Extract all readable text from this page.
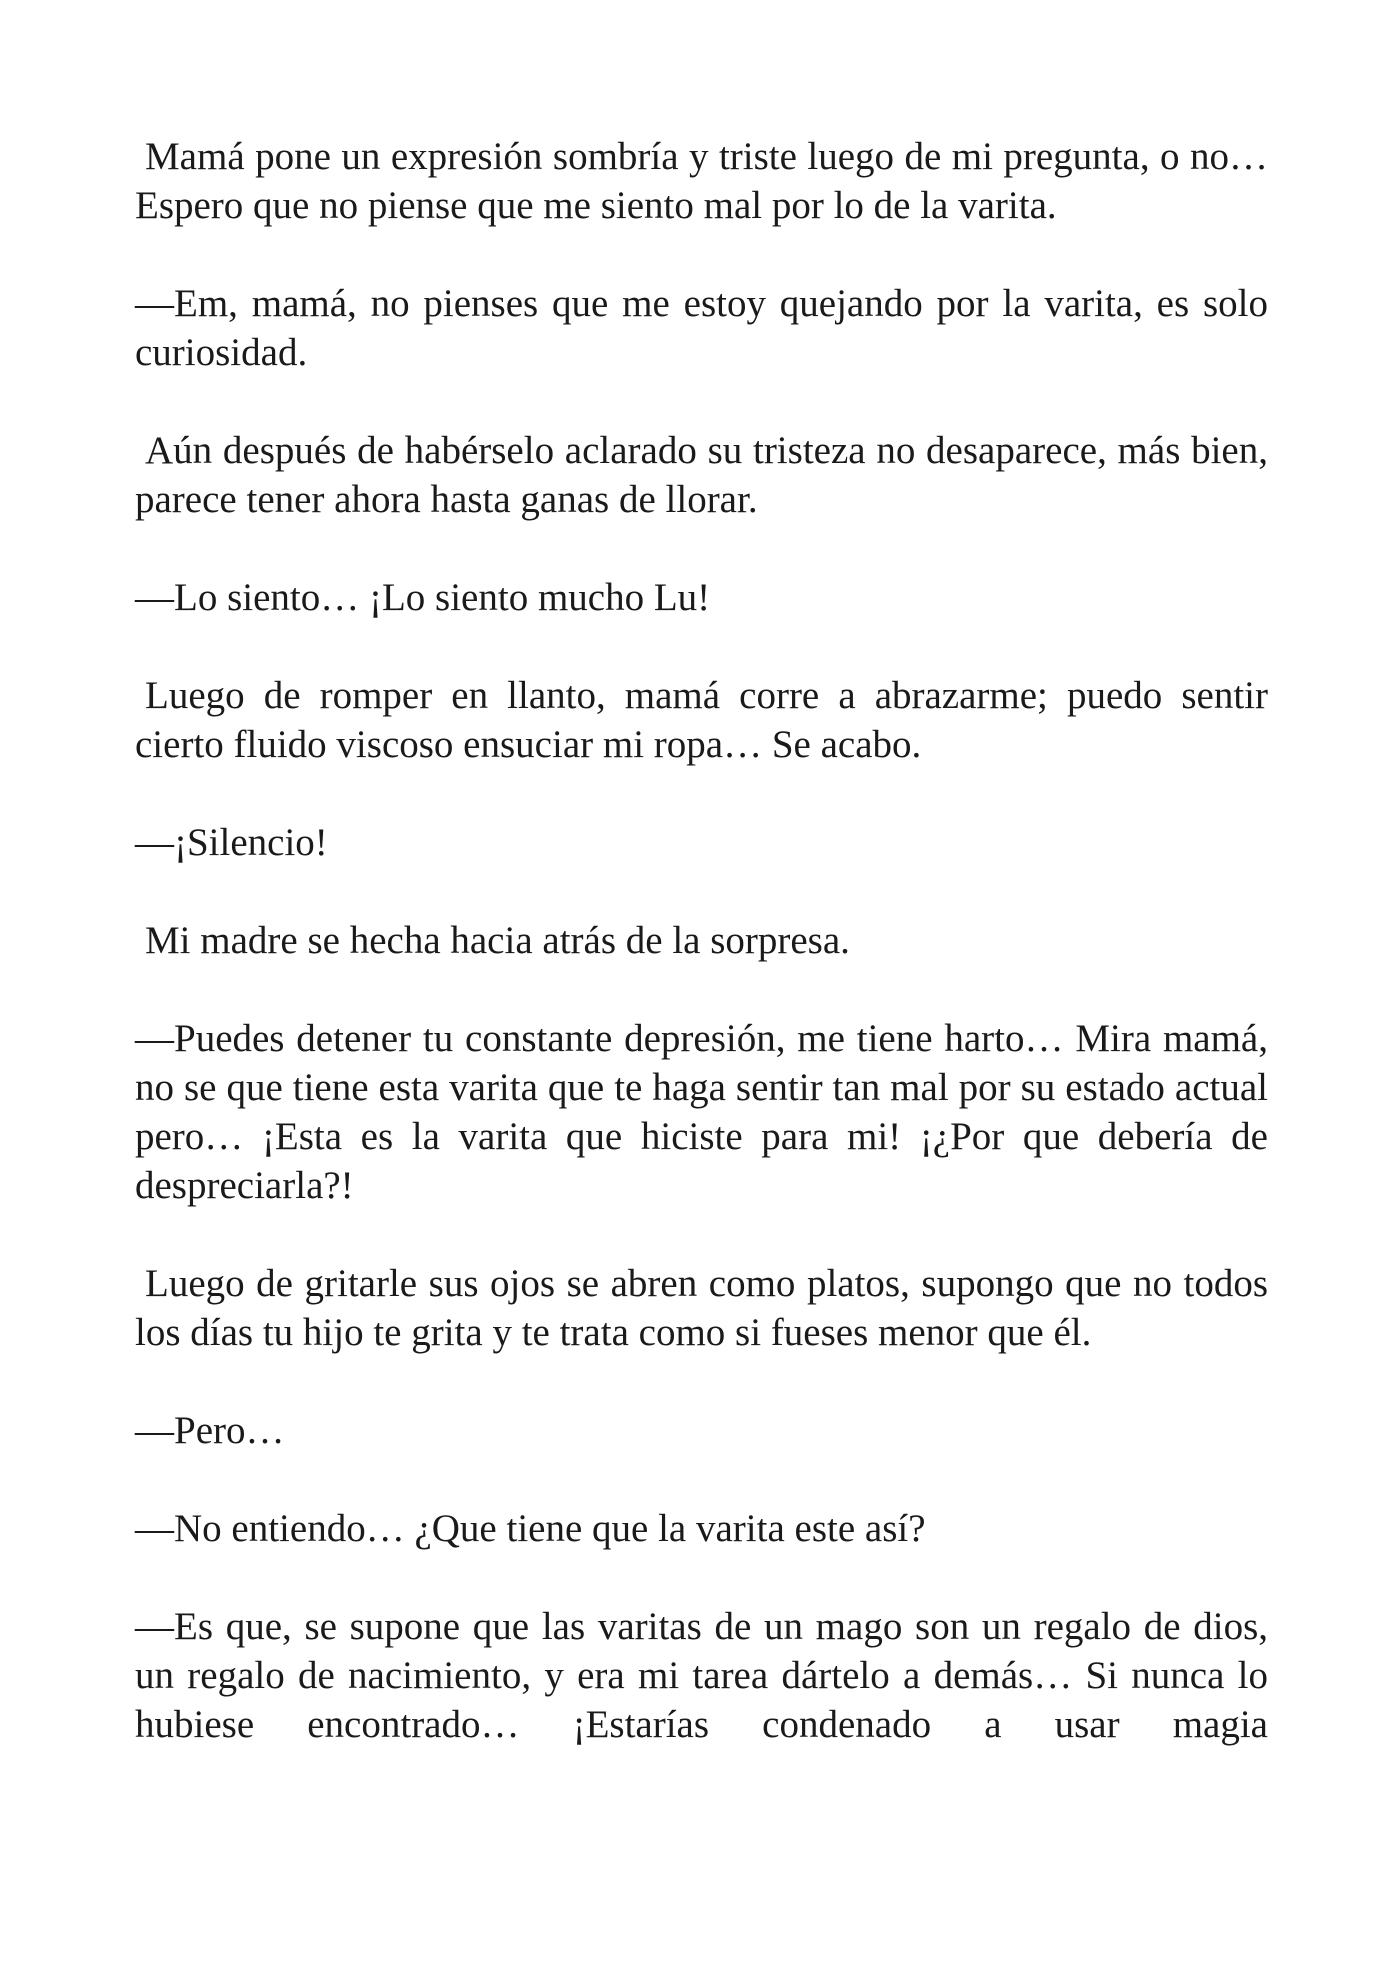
Mamá pone un expresión sombría y triste luego de mi pregunta, o no… Espero que no piense que me siento mal por lo de la varita.

—Em, mamá, no pienses que me estoy quejando por la varita, es solo curiosidad.

Aún después de habérselo aclarado su tristeza no desaparece, más bien, parece tener ahora hasta ganas de llorar.

—Lo siento… ¡Lo siento mucho Lu!

Luego de romper en llanto, mamá corre a abrazarme; puedo sentir cierto fluido viscoso ensuciar mi ropa… Se acabo.

—¡Silencio!

Mi madre se hecha hacia atrás de la sorpresa.

—Puedes detener tu constante depresión, me tiene harto… Mira mamá, no se que tiene esta varita que te haga sentir tan mal por su estado actual pero… ¡Esta es la varita que hiciste para mi! ¡¿Por que debería de despreciarla?!

Luego de gritarle sus ojos se abren como platos, supongo que no todos los días tu hijo te grita y te trata como si fueses menor que él.

—Pero…

—No entiendo… ¿Que tiene que la varita este así?

—Es que, se supone que las varitas de un mago son un regalo de dios, un regalo de nacimiento, y era mi tarea dártelo a demás… Si nunca lo hubiese encontrado… ¡Estarías condenado a usar magia
